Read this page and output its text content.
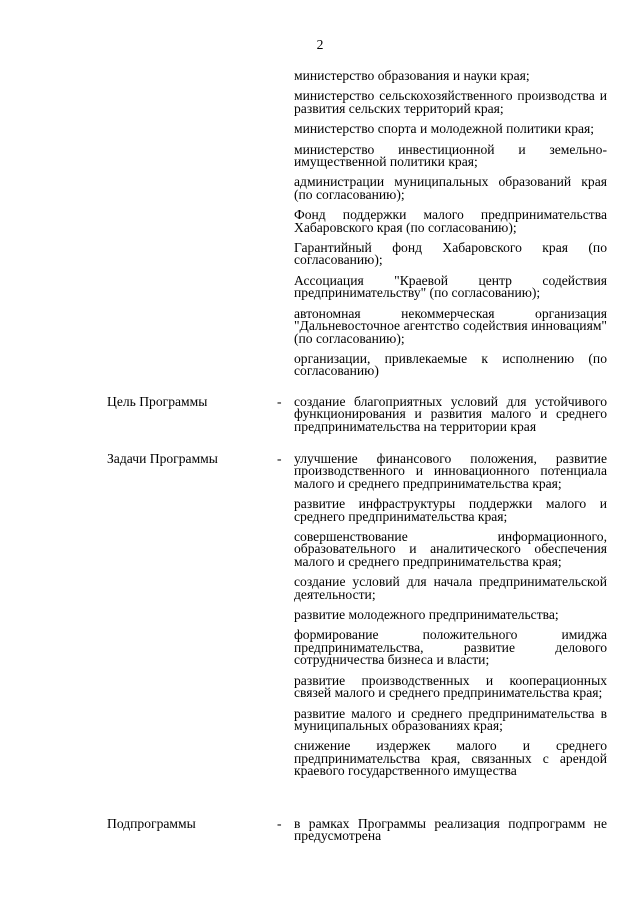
2

министерство образования и науки края;

министерство сельскохозяйственного производства и развития сельских территорий края;

министерство спорта и молодежной политики края;

министерство инвестиционной и земельно-имущественной политики края;

администрации муниципальных образований края (по согласованию);

Фонд поддержки малого предпринимательства Хабаровского края (по согласованию);

Гарантийный фонд Хабаровского края (по согласованию);

Ассоциация "Краевой центр содействия предпринимательству" (по согласованию);

автономная некоммерческая организация "Дальневосточное агентство содействия инновациям" (по согласованию);

организации, привлекаемые к исполнению (по согласованию)

Цель Программы	- создание благоприятных условий для устойчивого функционирования и развития малого и среднего предпринимательства на территории края

Задачи Программы	- улучшение финансового положения, развитие производственного и инновационного потенциала малого и среднего предпринимательства края;

развитие инфраструктуры поддержки малого и среднего предпринимательства края;

совершенствование информационного, образовательного и аналитического обеспечения малого и среднего предпринимательства края;

создание условий для начала предпринимательской деятельности;

развитие молодежного предпринимательства;

формирование положительного имиджа предпринимательства, развитие делового сотрудничества бизнеса и власти;

развитие производственных и кооперационных связей малого и среднего предпринимательства края;

развитие малого и среднего предпринимательства в муниципальных образованиях края;

снижение издержек малого и среднего предпринимательства края, связанных с арендой краевого государственного имущества

Подпрограммы	- в рамках Программы реализация подпрограмм не предусмотрена
